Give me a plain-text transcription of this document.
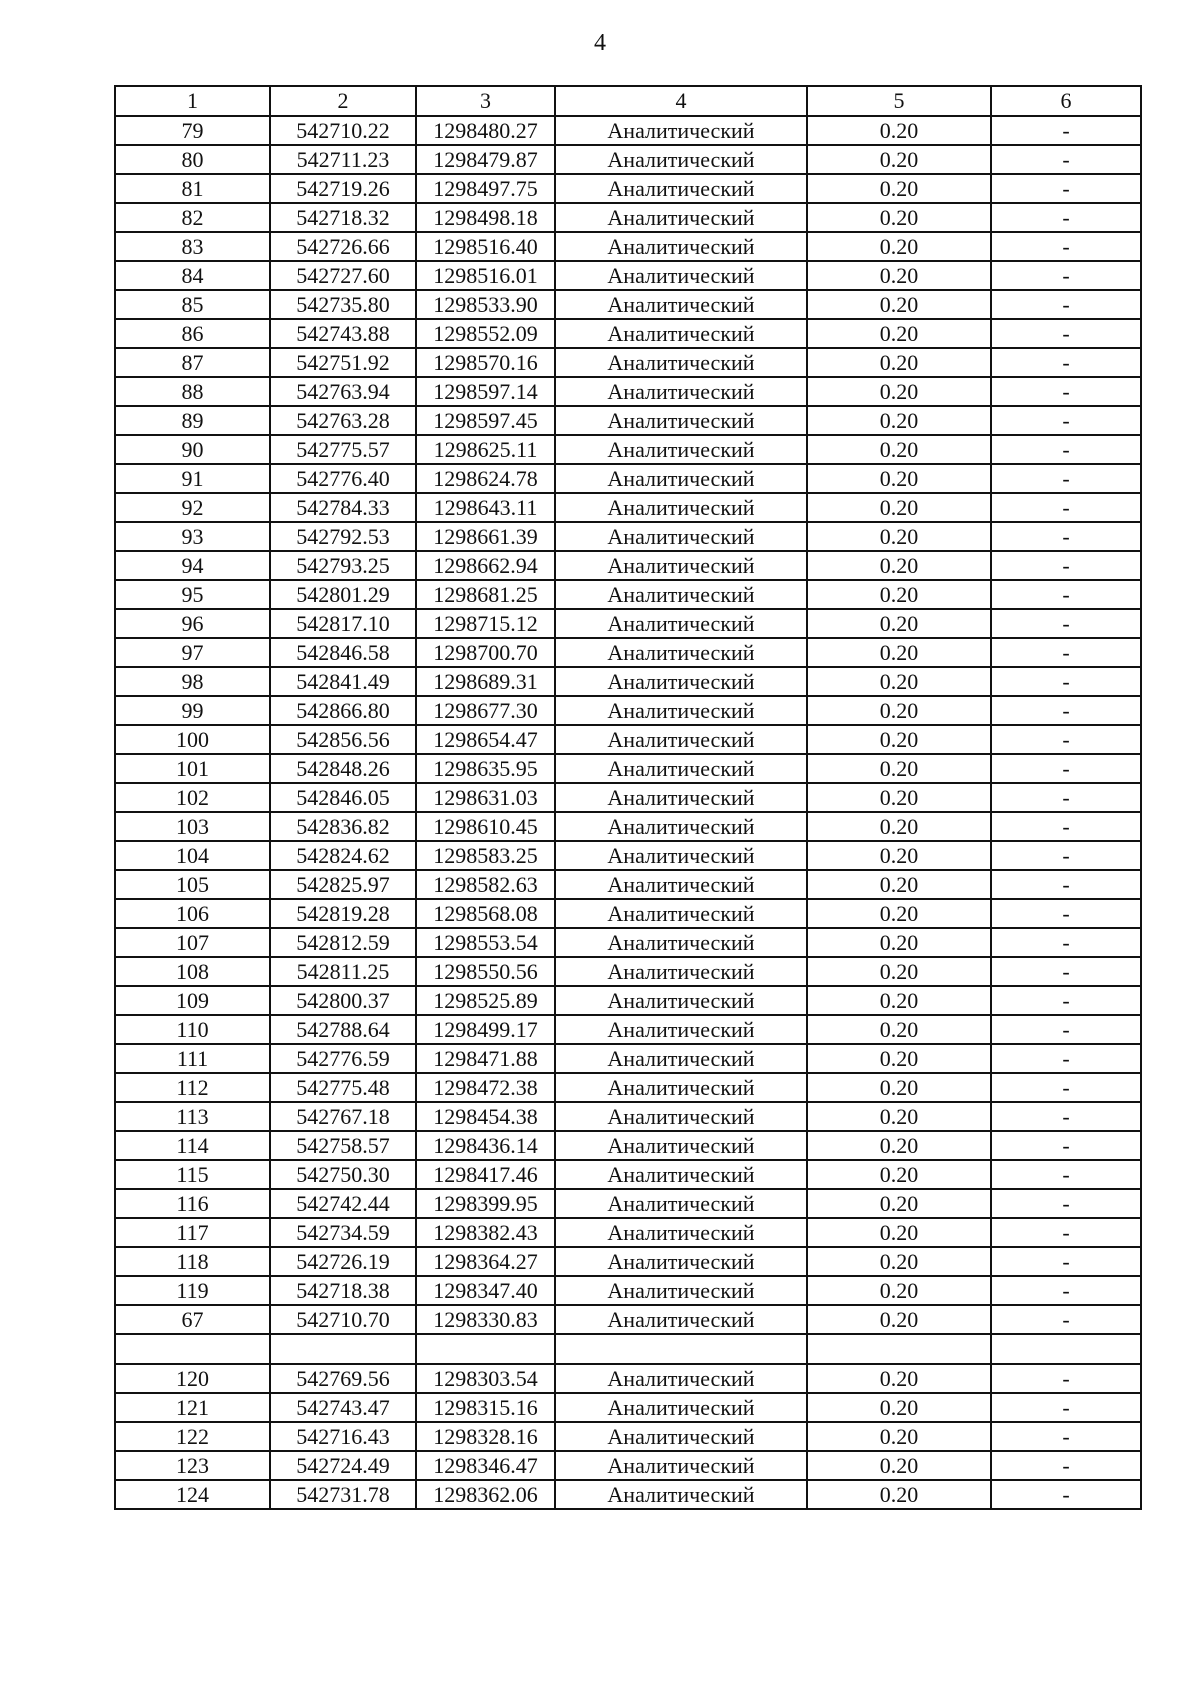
4
1	2	3	4	5	6
79	542710.22	1298480.27	Аналитический	0.20	-
80	542711.23	1298479.87	Аналитический	0.20	-
81	542719.26	1298497.75	Аналитический	0.20	-
82	542718.32	1298498.18	Аналитический	0.20	-
83	542726.66	1298516.40	Аналитический	0.20	-
84	542727.60	1298516.01	Аналитический	0.20	-
85	542735.80	1298533.90	Аналитический	0.20	-
86	542743.88	1298552.09	Аналитический	0.20	-
87	542751.92	1298570.16	Аналитический	0.20	-
88	542763.94	1298597.14	Аналитический	0.20	-
89	542763.28	1298597.45	Аналитический	0.20	-
90	542775.57	1298625.11	Аналитический	0.20	-
91	542776.40	1298624.78	Аналитический	0.20	-
92	542784.33	1298643.11	Аналитический	0.20	-
93	542792.53	1298661.39	Аналитический	0.20	-
94	542793.25	1298662.94	Аналитический	0.20	-
95	542801.29	1298681.25	Аналитический	0.20	-
96	542817.10	1298715.12	Аналитический	0.20	-
97	542846.58	1298700.70	Аналитический	0.20	-
98	542841.49	1298689.31	Аналитический	0.20	-
99	542866.80	1298677.30	Аналитический	0.20	-
100	542856.56	1298654.47	Аналитический	0.20	-
101	542848.26	1298635.95	Аналитический	0.20	-
102	542846.05	1298631.03	Аналитический	0.20	-
103	542836.82	1298610.45	Аналитический	0.20	-
104	542824.62	1298583.25	Аналитический	0.20	-
105	542825.97	1298582.63	Аналитический	0.20	-
106	542819.28	1298568.08	Аналитический	0.20	-
107	542812.59	1298553.54	Аналитический	0.20	-
108	542811.25	1298550.56	Аналитический	0.20	-
109	542800.37	1298525.89	Аналитический	0.20	-
110	542788.64	1298499.17	Аналитический	0.20	-
111	542776.59	1298471.88	Аналитический	0.20	-
112	542775.48	1298472.38	Аналитический	0.20	-
113	542767.18	1298454.38	Аналитический	0.20	-
114	542758.57	1298436.14	Аналитический	0.20	-
115	542750.30	1298417.46	Аналитический	0.20	-
116	542742.44	1298399.95	Аналитический	0.20	-
117	542734.59	1298382.43	Аналитический	0.20	-
118	542726.19	1298364.27	Аналитический	0.20	-
119	542718.38	1298347.40	Аналитический	0.20	-
67	542710.70	1298330.83	Аналитический	0.20	-

120	542769.56	1298303.54	Аналитический	0.20	-
121	542743.47	1298315.16	Аналитический	0.20	-
122	542716.43	1298328.16	Аналитический	0.20	-
123	542724.49	1298346.47	Аналитический	0.20	-
124	542731.78	1298362.06	Аналитический	0.20	-
